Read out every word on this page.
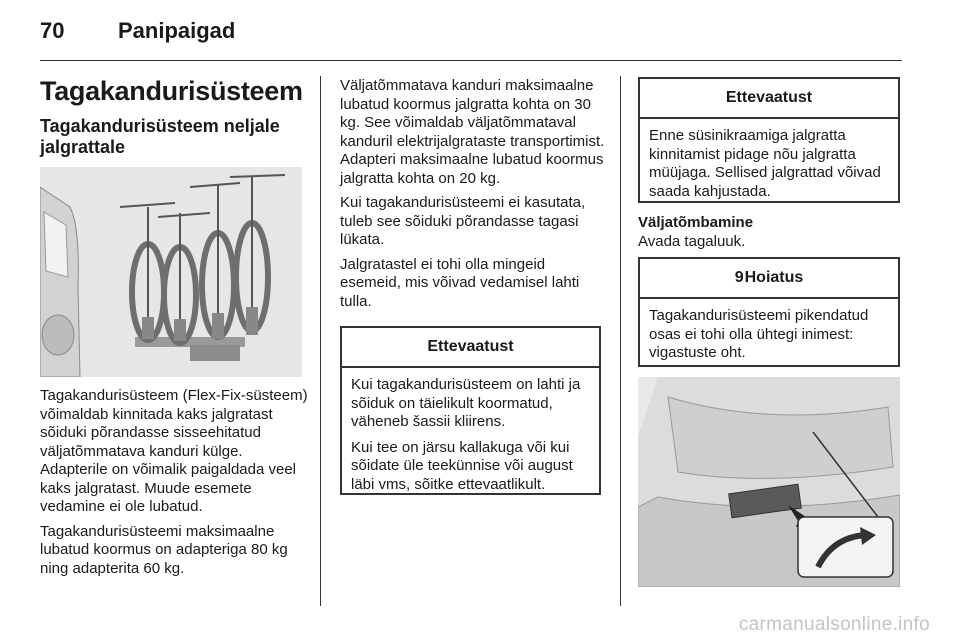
70 Panipaigad
Tagakandurisüsteem
Tagakandurisüsteem neljale jalgrattale

Tagakandurisüsteem (Flex-Fix-süsteem) võimaldab kinnitada kaks jalgratast sõiduki põrandasse sisseehitatud väljatõmmatava kanduri külge. Adapterile on võimalik paigaldada veel kaks jalgratast. Muude esemete vedamine ei ole lubatud.

Tagakandurisüsteemi maksimaalne lubatud koormus on adapteriga 80 kg ning adapterita 60 kg.

Väljatõmmatava kanduri maksimaalne lubatud koormus jalgratta kohta on 30 kg. See võimaldab väljatõmmataval kanduril elektrijalgrataste transportimist. Adapteri maksimaalne lubatud koormus jalgratta kohta on 20 kg.

Kui tagakandurisüsteemi ei kasutata, tuleb see sõiduki põrandasse tagasi lükata.

Jalgratastel ei tohi olla mingeid esemeid, mis võivad vedamisel lahti tulla.

Ettevaatust

Kui tagakandurisüsteem on lahti ja sõiduk on täielikult koormatud, väheneb šassii kliirens.

Kui tee on järsu kallakuga või kui sõidate üle teekünnise või august läbi vms, sõitke ettevaatlikult.

Ettevaatust

Enne süsinikraamiga jalgratta kinnitamist pidage nõu jalgratta müüjaga. Sellised jalgrattad võivad saada kahjustada.

Väljatõmbamine
Avada tagaluuk.
9Hoiatus

Tagakandurisüsteemi pikendatud osas ei tohi olla ühtegi inimest: vigastuste oht.

carmanualsonline.info
